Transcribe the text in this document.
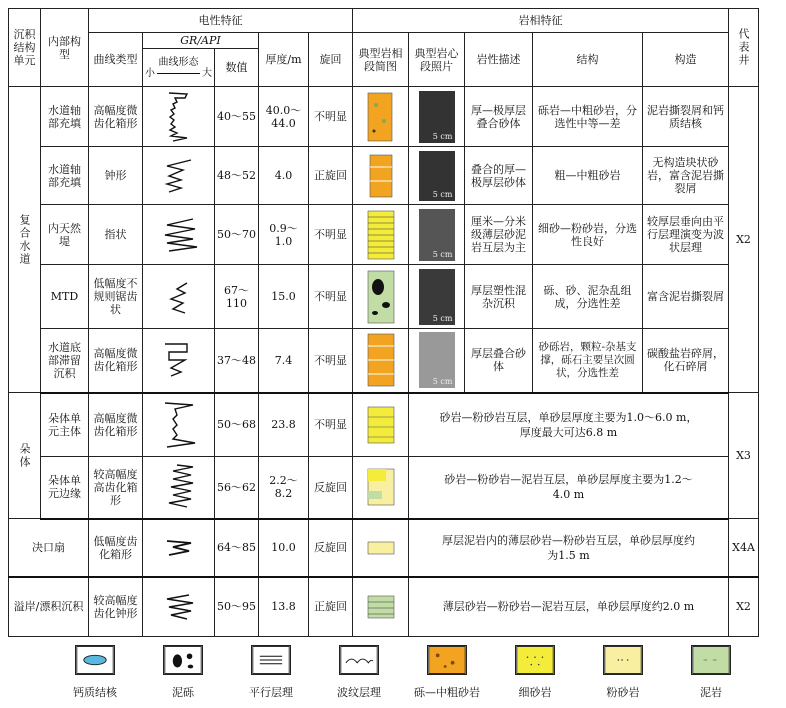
沉积结构单元	内部构型	电性特征					岩相特征					代表井

		曲线类型	GR/API		厚度/m	旋回	典型岩相段简图	典型岩心段照片	岩性描述	结构	构造	

			曲线形态
小 大	数值								

复合水道	水道轴部充填	高幅度微齿化箱形		40～55	40.0～44.0	不明显		5 cm	厚—极厚层叠合砂体	砾岩—中粗砂岩，分选性中等—差	泥岩撕裂屑和钙质结核	X2
	水道轴部充填	钟形		48～52	4.0	正旋回		5 cm	叠合的厚—极厚层砂体	粗—中粗砂岩	无构造块状砂岩，富含泥岩撕裂屑	
	内天然堤	指状		50～70	0.9～1.0	不明显		5 cm	厘米—分米级薄层砂泥岩互层为主	细砂—粉砂岩，分选性良好	较厚层垂向由平行层理演变为波状层理	
	MTD	低幅度不规则锯齿状		67～110	15.0	不明显		5 cm	厚层塑性混杂沉积	砾、砂、泥杂乱组成，分选性差	富含泥岩撕裂屑	
	水道底部滞留沉积	高幅度微齿化箱形		37～48	7.4	不明显		5 cm	厚层叠合砂体	砂砾岩，颗粒-杂基支撑，砾石主要呈次圆状，分选性差	碳酸盐岩碎屑，化石碎屑	

朵体	朵体单元主体	高幅度微齿化箱形		50～68	23.8	不明显		砂岩—粉砂岩互层，单砂层厚度主要为1.0～6.0 m，厚度最大可达6.8 m				X3
	朵体单元边缘	较高幅度高齿化箱形		56～62	2.2～8.2	反旋回		砂岩—粉砂岩—泥岩互层，单砂层厚度主要为1.2～4.0 m				
决口扇		低幅度齿化箱形		64～85	10.0	反旋回		厚层泥岩内的薄层砂岩—粉砂岩互层，单砂层厚度约为1.5 m				X4A
溢岸/漂积沉积		较高幅度齿化钟形		50～95	13.8	正旋回		薄层砂岩—粉砂岩—泥岩互层，单砂层厚度约2.0 m				X2
钙质结核	泥砾	平行层理	波纹层理	砾—中粗砂岩	细砂岩	粉砂岩	泥岩
